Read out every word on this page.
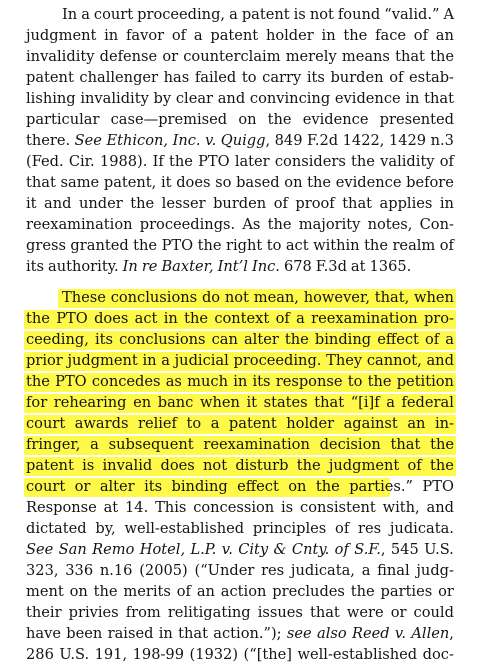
In a court proceeding, a patent is not found “valid.” A
judgment in favor of a patent holder in the face of an
invalidity defense or counterclaim merely means that the
patent challenger has failed to carry its burden of estab-
lishing invalidity by clear and convincing evidence in that
particular case—premised on the evidence presented
there. See Ethicon, Inc. v. Quigg, 849 F.2d 1422, 1429 n.3
(Fed. Cir. 1988). If the PTO later considers the validity of
that same patent, it does so based on the evidence before
it and under the lesser burden of proof that applies in
reexamination proceedings. As the majority notes, Con-
gress granted the PTO the right to act within the realm of
its authority. In re Baxter, Int’l Inc. 678 F.3d at 1365.
These conclusions do not mean, however, that, when
the PTO does act in the context of a reexamination pro-
ceeding, its conclusions can alter the binding effect of a
prior judgment in a judicial proceeding. They cannot, and
the PTO concedes as much in its response to the petition
for rehearing en banc when it states that “[i]f a federal
court awards relief to a patent holder against an in-
fringer, a subsequent reexamination decision that the
patent is invalid does not disturb the judgment of the
court or alter its binding effect on the parties.” PTO
Response at 14. This concession is consistent with, and
dictated by, well-established principles of res judicata.
See San Remo Hotel, L.P. v. City & Cnty. of S.F., 545 U.S.
323, 336 n.16 (2005) (“Under res judicata, a final judg-
ment on the merits of an action precludes the parties or
their privies from relitigating issues that were or could
have been raised in that action.”); see also Reed v. Allen,
286 U.S. 191, 198-99 (1932) (“[the] well-established doc-
